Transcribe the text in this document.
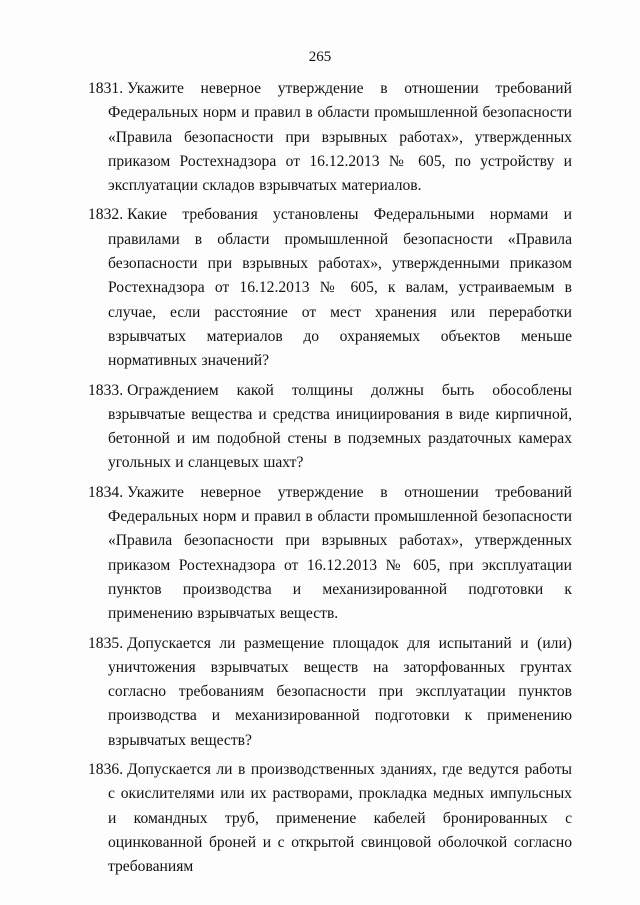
265

1831. Укажите неверное утверждение в отношении требований Федеральных норм и правил в области промышленной безопасности «Правила безопасности при взрывных работах», утвержденных приказом Ростехнадзора от 16.12.2013 № 605, по устройству и эксплуатации складов взрывчатых материалов.

1832. Какие требования установлены Федеральными нормами и правилами в области промышленной безопасности «Правила безопасности при взрывных работах», утвержденными приказом Ростехнадзора от 16.12.2013 № 605, к валам, устраиваемым в случае, если расстояние от мест хранения или переработки взрывчатых материалов до охраняемых объектов меньше нормативных значений?

1833. Ограждением какой толщины должны быть обособлены взрывчатые вещества и средства инициирования в виде кирпичной, бетонной и им подобной стены в подземных раздаточных камерах угольных и сланцевых шахт?

1834. Укажите неверное утверждение в отношении требований Федеральных норм и правил в области промышленной безопасности «Правила безопасности при взрывных работах», утвержденных приказом Ростехнадзора от 16.12.2013 № 605, при эксплуатации пунктов производства и механизированной подготовки к применению взрывчатых веществ.

1835. Допускается ли размещение площадок для испытаний и (или) уничтожения взрывчатых веществ на заторфованных грунтах согласно требованиям безопасности при эксплуатации пунктов производства и механизированной подготовки к применению взрывчатых веществ?

1836. Допускается ли в производственных зданиях, где ведутся работы с окислителями или их растворами, прокладка медных импульсных и командных труб, применение кабелей бронированных с оцинкованной броней и с открытой свинцовой оболочкой согласно требованиям
